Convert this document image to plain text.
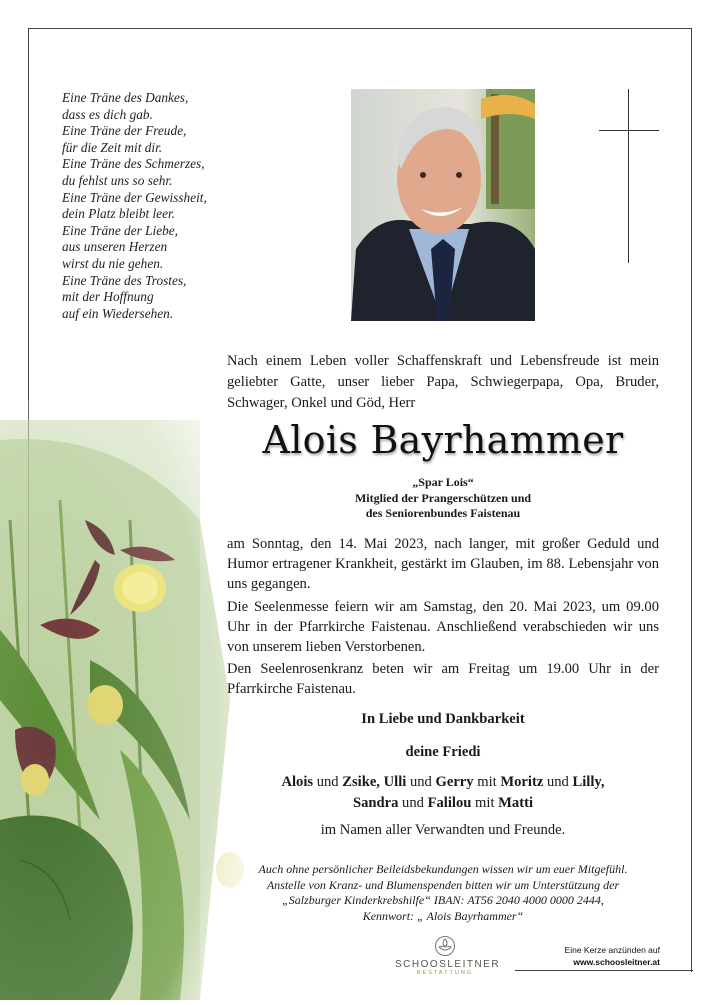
Eine Träne des Dankes,
dass es dich gab.
Eine Träne der Freude,
für die Zeit mit dir.
Eine Träne des Schmerzes,
du fehlst uns so sehr.
Eine Träne der Gewissheit,
dein Platz bleibt leer.
Eine Träne der Liebe,
aus unseren Herzen
wirst du nie gehen.
Eine Träne des Trostes,
mit der Hoffnung
auf ein Wiedersehen.
Nach einem Leben voller Schaffenskraft und Lebensfreude ist mein geliebter Gatte, unser lieber Papa, Schwiegerpapa, Opa, Bruder, Schwager, Onkel und Göd, Herr
Alois Bayrhammer
„Spar Lois“
Mitglied der Prangerschützen und
des Seniorenbundes Faistenau
am Sonntag, den 14. Mai 2023, nach langer, mit großer Geduld und Humor ertragener Krankheit, gestärkt im Glauben, im 88. Lebensjahr von uns gegangen.
Die Seelenmesse feiern wir am Samstag, den 20. Mai 2023, um 09.00 Uhr in der Pfarrkirche Faistenau. Anschließend verabschieden wir uns von unserem lieben Verstorbenen.
Den Seelenrosenkranz beten wir am Freitag um 19.00 Uhr in der Pfarrkirche Faistenau.
In Liebe und Dankbarkeit
deine Friedi
Alois und Zsike, Ulli und Gerry mit Moritz und Lilly,
Sandra und Falilou mit Matti
im Namen aller Verwandten und Freunde.
Auch ohne persönlicher Beileidsbekundungen wissen wir um euer Mitgefühl.
Anstelle von Kranz- und Blumenspenden bitten wir um Unterstützung der
„Salzburger Kinderkrebshilfe“ IBAN: AT56 2040 4000 0000 2444,
Kennwort: „ Alois Bayrhammer“
SCHOOSLEITNER
BESTATTUNG
Eine Kerze anzünden auf
www.schoosleitner.at
